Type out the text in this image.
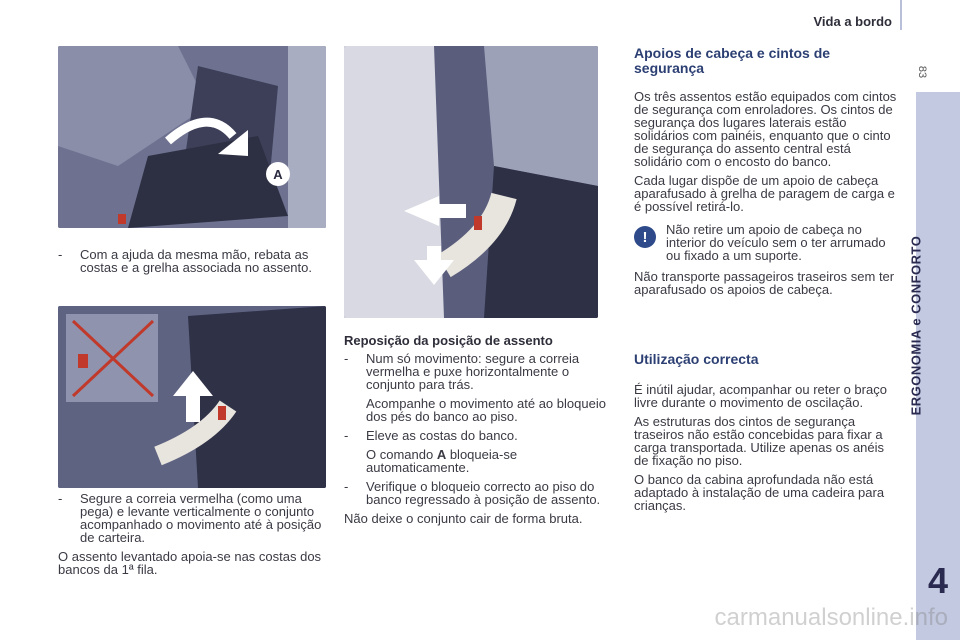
Vida a bordo
83
ERGONOMIA e CONFORTO
4
A
-	Com a ajuda da mesma mão, rebata as costas e a grelha associada no assento.
-	Segure a correia vermelha (como uma pega) e levante verticalmente o conjunto acompanhado o movimento até à posição de carteira.

O assento levantado apoia-se nas costas dos bancos da 1ª fila.

Reposição da posição de assento
-	Num só movimento: segure a correia vermelha e puxe horizontalmente o conjunto para trás.

Acompanhe o movimento até ao bloqueio dos pés do banco ao piso.

-	Eleve as costas do banco.

O comando A bloqueia-se automaticamente.

-	Verifique o bloqueio correcto ao piso do banco regressado à posição de assento.

Não deixe o conjunto cair de forma bruta.

Apoios de cabeça e cintos de segurança

Os três assentos estão equipados com cintos de segurança com enroladores. Os cintos de segurança dos lugares laterais estão solidários com painéis, enquanto que o cinto de segurança do assento central está solidário com o encosto do banco.

Cada lugar dispõe de um apoio de cabeça aparafusado à grelha de paragem de carga e é possível retirá-lo.

!	Não retire um apoio de cabeça no interior do veículo sem o ter arrumado ou fixado a um suporte.

Não transporte passageiros traseiros sem ter aparafusado os apoios de cabeça.

Utilização correcta

É inútil ajudar, acompanhar ou reter o braço livre durante o movimento de oscilação.

As estruturas dos cintos de segurança traseiros não estão concebidas para fixar a carga transportada. Utilize apenas os anéis de fixação no piso.

O banco da cabina aprofundada não está adaptado à instalação de uma cadeira para crianças.

carmanualsonline.info
